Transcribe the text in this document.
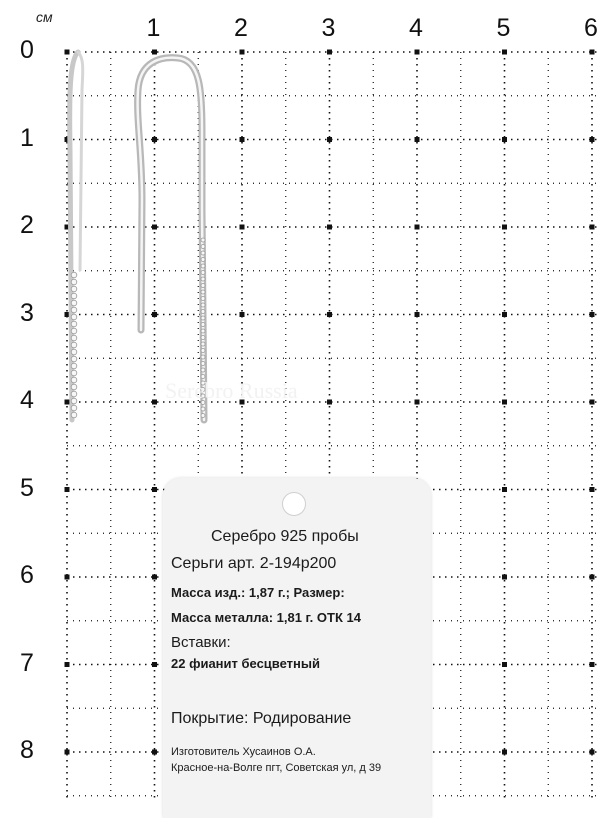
см	1	2	3	4	5	6
0
1
2
3
4
5
6
7
8
Serebro Russia
Серебро 925 пробы
Серьги арт. 2-194р200
Масса изд.: 1,87 г.; Размер:
Масса металла: 1,81 г. ОТК 14
Вставки:
22 фианит бесцветный
Покрытие: Родирование
Изготовитель Хусаинов О.А.
Красное-на-Волге пгт, Советская ул, д 39
